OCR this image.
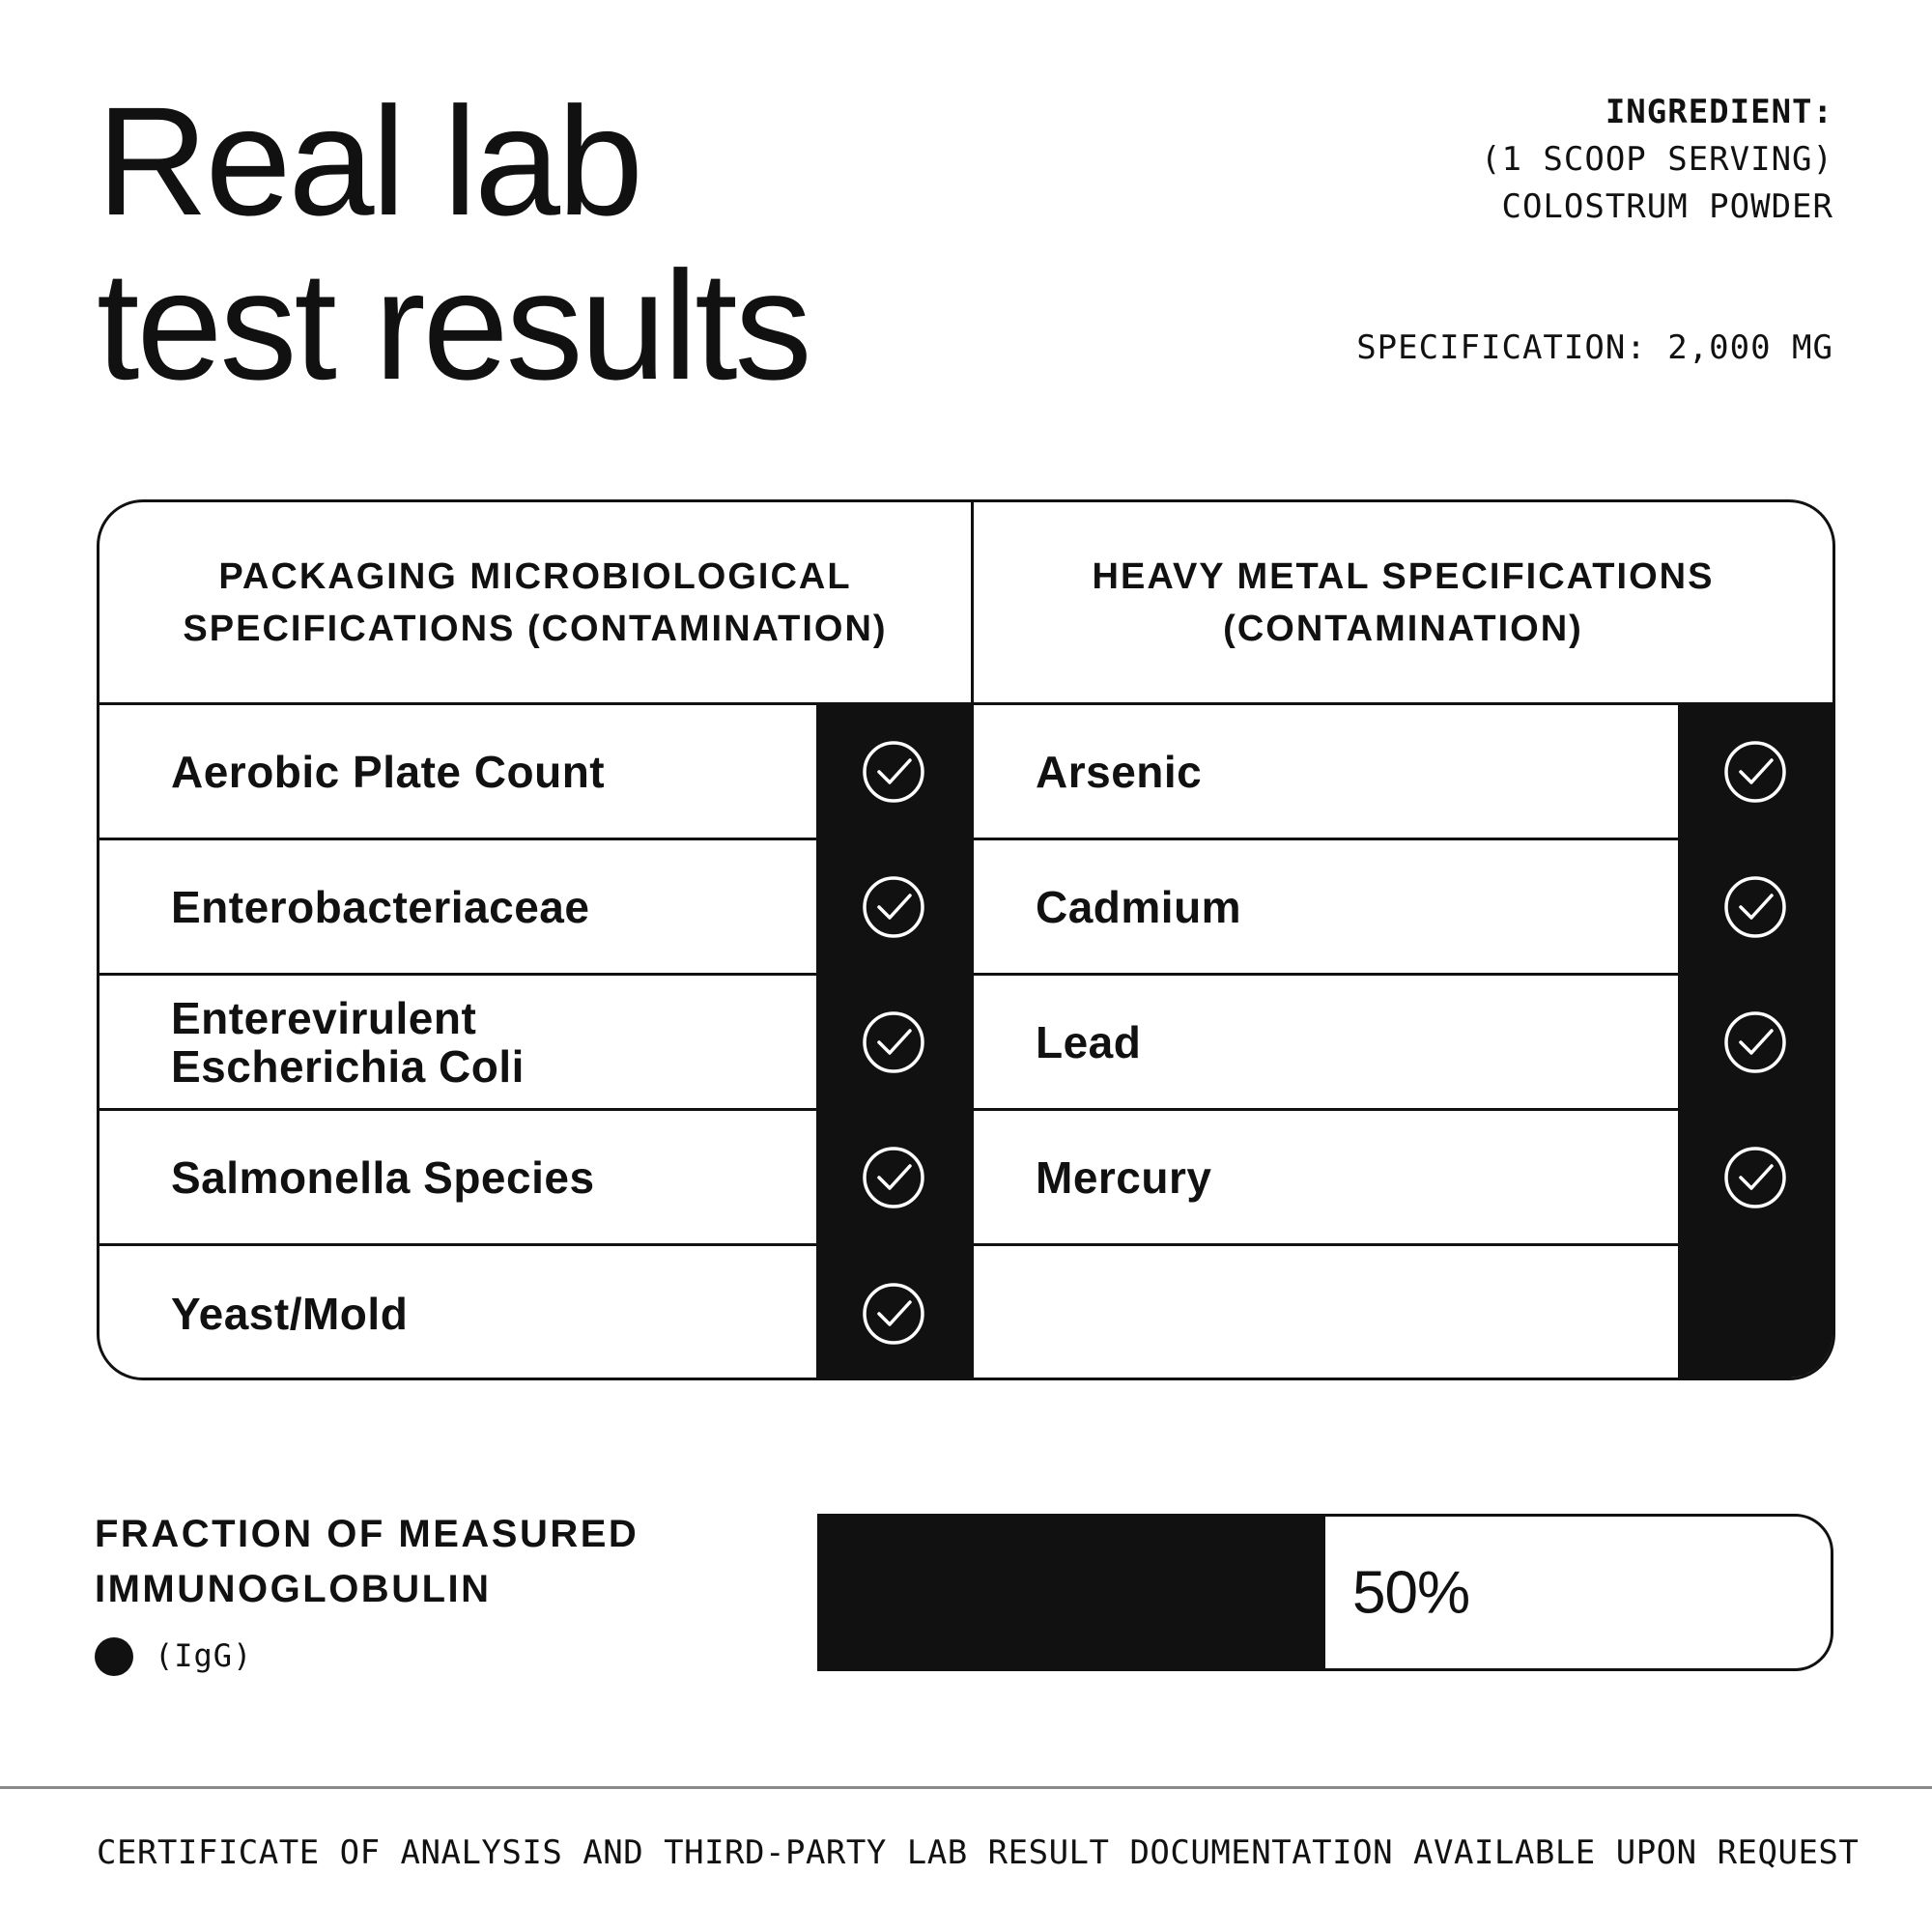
Real lab
test results
INGREDIENT:
(1 SCOOP SERVING)
COLOSTRUM POWDER
SPECIFICATION: 2,000 MG
PACKAGING MICROBIOLOGICAL
SPECIFICATIONS (CONTAMINATION)
Aerobic Plate Count
Enterobacteriaceae
Enterevirulent
Escherichia Coli
Salmonella Species
Yeast/Mold
HEAVY METAL SPECIFICATIONS
(CONTAMINATION)
Arsenic
Cadmium
Lead
Mercury
FRACTION OF MEASURED
IMMUNOGLOBULIN
(IgG)
50%
CERTIFICATE OF ANALYSIS AND THIRD-PARTY LAB RESULT DOCUMENTATION AVAILABLE UPON REQUEST
